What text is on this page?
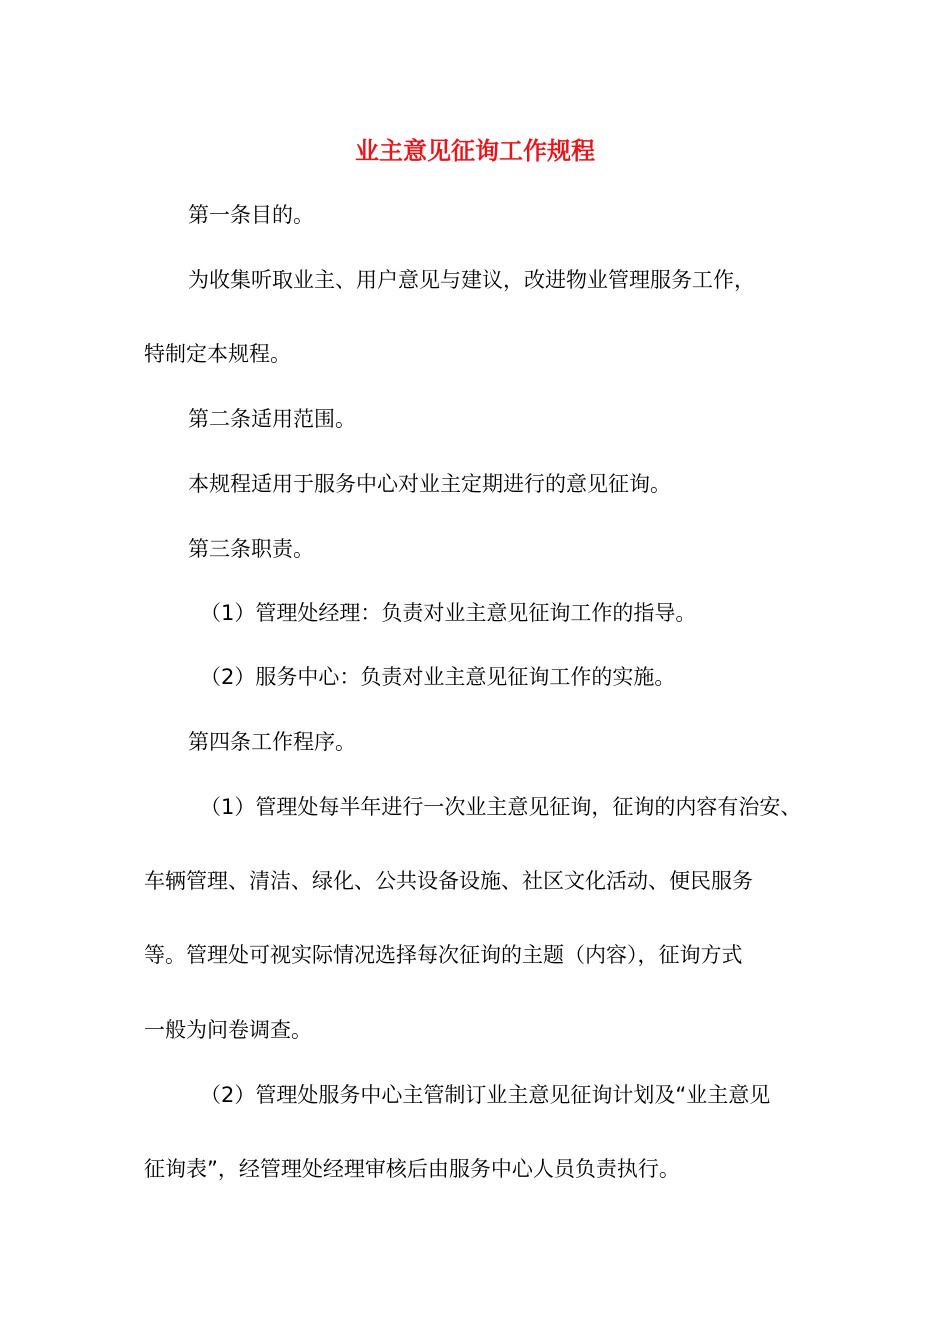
业主意见征询工作规程
第一条目的。
为收集听取业主、用户意见与建议，改进物业管理服务工作，
特制定本规程。
第二条适用范围。
本规程适用于服务中心对业主定期进行的意见征询。
第三条职责。
（1）管理处经理：负责对业主意见征询工作的指导。
（2）服务中心：负责对业主意见征询工作的实施。
第四条工作程序。
（1）管理处每半年进行一次业主意见征询，征询的内容有治安、
车辆管理、清洁、绿化、公共设备设施、社区文化活动、便民服务
等。管理处可视实际情况选择每次征询的主题（内容），征询方式
一般为问卷调查。
（2）管理处服务中心主管制订业主意见征询计划及“业主意见
征询表”，经管理处经理审核后由服务中心人员负责执行。
